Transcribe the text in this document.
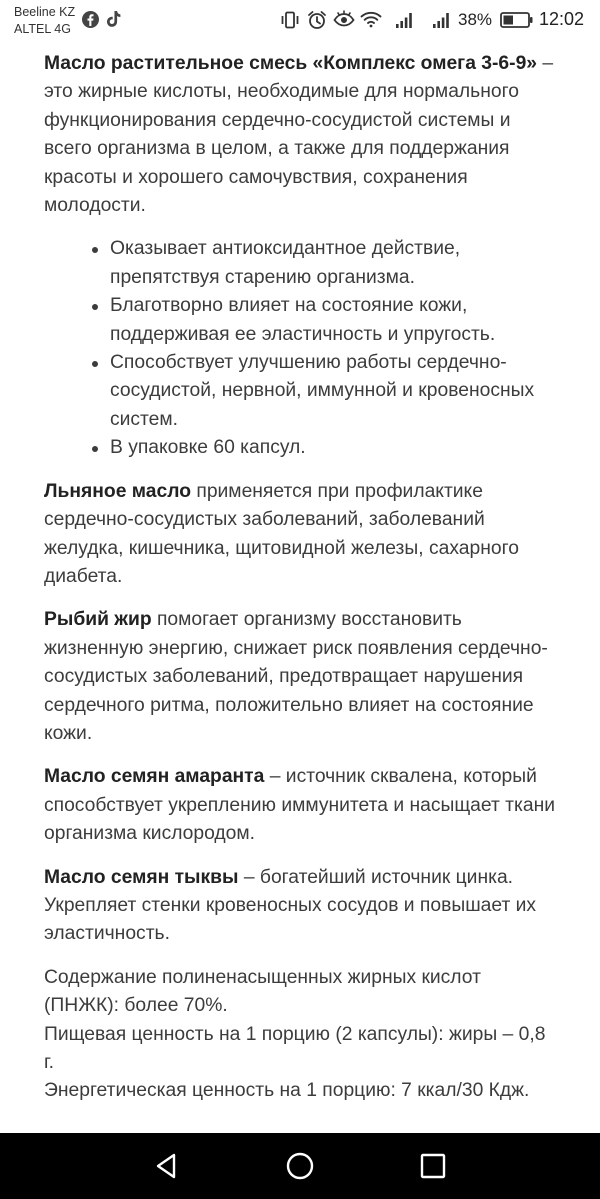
Beeline KZ
ALTEL 4G	38%	12:02

Масло растительное смесь «Комплекс омега 3-6-9» – это жирные кислоты, необходимые для нормального функционирования сердечно-сосудистой системы и всего организма в целом, а также для поддержания красоты и хорошего самочувствия, сохранения молодости.

Оказывает антиоксидантное действие, препятствуя старению организма.
Благотворно влияет на состояние кожи, поддерживая ее эластичность и упругость.
Способствует улучшению работы сердечно-сосудистой, нервной, иммунной и кровеносных систем.
В упаковке 60 капсул.

Льняное масло применяется при профилактике сердечно-сосудистых заболеваний, заболеваний желудка, кишечника, щитовидной железы, сахарного диабета.

Рыбий жир помогает организму восстановить жизненную энергию, снижает риск появления сердечно-сосудистых заболеваний, предотвращает нарушения сердечного ритма, положительно влияет на состояние кожи.

Масло семян амаранта – источник сквалена, который способствует укреплению иммунитета и насыщает ткани организма кислородом.

Масло семян тыквы – богатейший источник цинка. Укрепляет стенки кровеносных сосудов и повышает их эластичность.

Содержание полиненасыщенных жирных кислот (ПНЖК): более 70%.

Пищевая ценность на 1 порцию (2 капсулы): жиры – 0,8 г.

Энергетическая ценность на 1 порцию: 7 ккал/30 Кдж.
